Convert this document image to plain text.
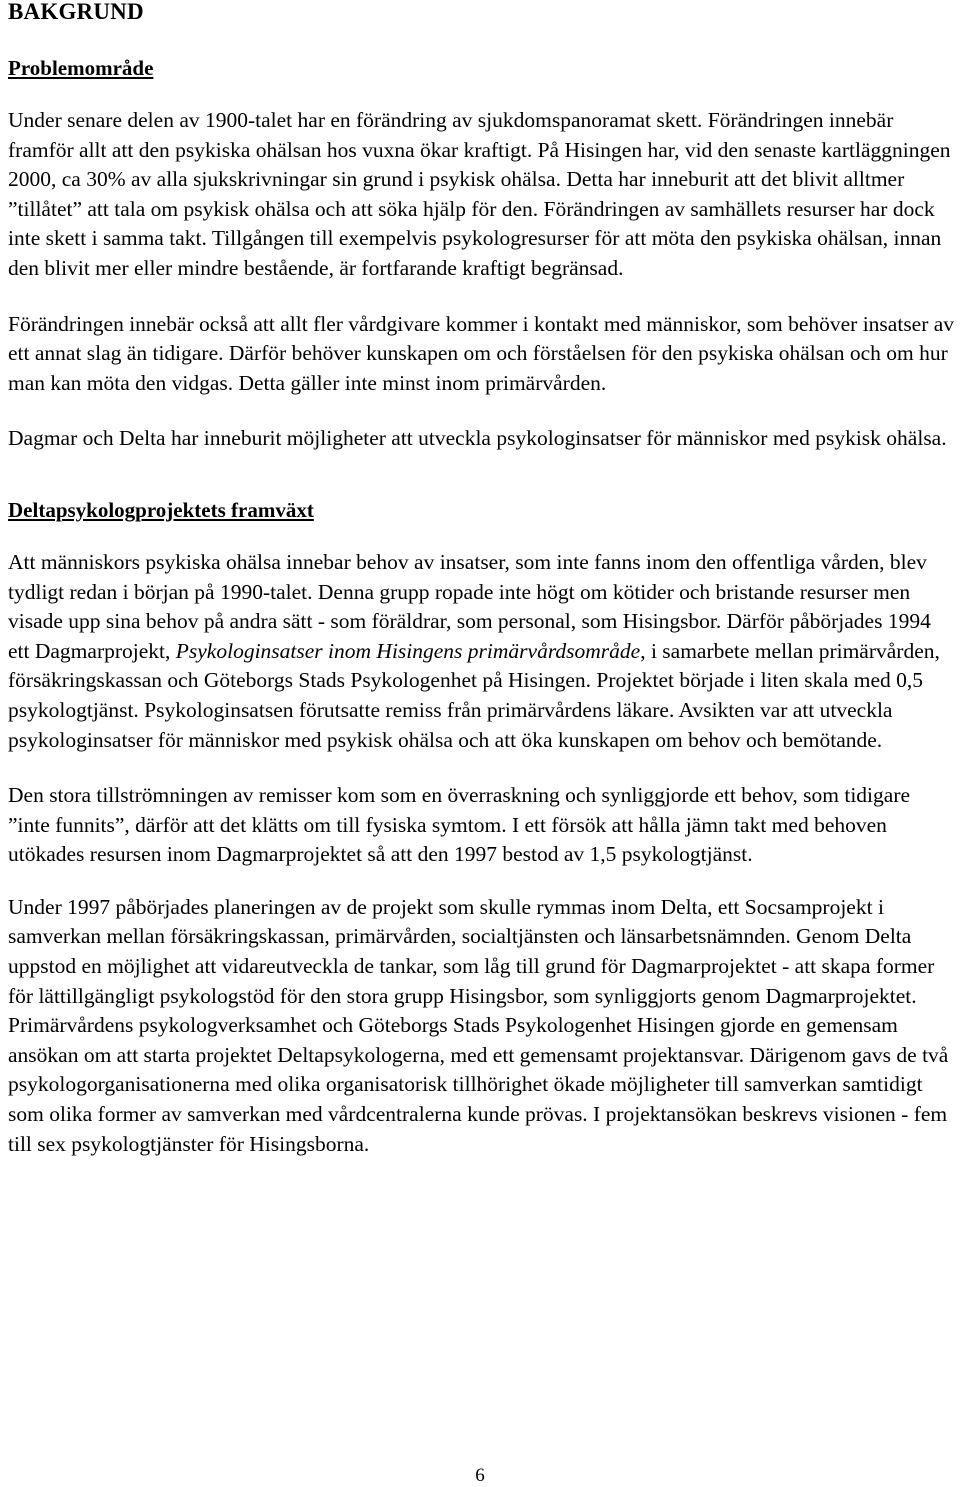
BAKGRUND
Problemområde

Under senare delen av 1900-talet har en förändring av sjukdomspanoramat skett. Förändringen innebär framför allt att den psykiska ohälsan hos vuxna ökar kraftigt. På Hisingen har, vid den senaste kartläggningen 2000, ca 30% av alla sjukskrivningar sin grund i psykisk ohälsa. Detta har inneburit att det blivit alltmer ”tillåtet” att tala om psykisk ohälsa och att söka hjälp för den. Förändringen av samhällets resurser har dock inte skett i samma takt. Tillgången till exempelvis psykologresurser för att möta den psykiska ohälsan, innan den blivit mer eller mindre bestående, är fortfarande kraftigt begränsad.

Förändringen innebär också att allt fler vårdgivare kommer i kontakt med människor, som behöver insatser av ett annat slag än tidigare. Därför behöver kunskapen om och förståelsen för den psykiska ohälsan och om hur man kan möta den vidgas. Detta gäller inte minst inom primärvården.

Dagmar och Delta har inneburit möjligheter att utveckla psykologinsatser för människor med psykisk ohälsa.

Deltapsykologprojektets framväxt

Att människors psykiska ohälsa innebar behov av insatser, som inte fanns inom den offentliga vården, blev tydligt redan i början på 1990-talet. Denna grupp ropade inte högt om kötider och bristande resurser men visade upp sina behov på andra sätt - som föräldrar, som personal, som Hisingsbor. Därför påbörjades 1994 ett Dagmarprojekt, Psykologinsatser inom Hisingens primärvårdsområde, i samarbete mellan primärvården, försäkringskassan och Göteborgs Stads Psykologenhet på Hisingen. Projektet började i liten skala med 0,5 psykologtjänst. Psykologinsatsen förutsatte remiss från primärvårdens läkare. Avsikten var att utveckla psykologinsatser för människor med psykisk ohälsa och att öka kunskapen om behov och bemötande.

Den stora tillströmningen av remisser kom som en överraskning och synliggjorde ett behov, som tidigare ”inte funnits”, därför att det klätts om till fysiska symtom. I ett försök att hålla jämn takt med behoven utökades resursen inom Dagmarprojektet så att den 1997 bestod av 1,5 psykologtjänst.

Under 1997 påbörjades planeringen av de projekt som skulle rymmas inom Delta, ett Socsamprojekt i samverkan mellan försäkringskassan, primärvården, socialtjänsten och länsarbetsnämnden. Genom Delta uppstod en möjlighet att vidareutveckla de tankar, som låg till grund för Dagmarprojektet - att skapa former för lättillgängligt psykologstöd för den stora grupp Hisingsbor, som synliggjorts genom Dagmarprojektet. Primärvårdens psykologverksamhet och Göteborgs Stads Psykologenhet Hisingen gjorde en gemensam ansökan om att starta projektet Deltapsykologerna, med ett gemensamt projektansvar. Därigenom gavs de två psykologorganisationerna med olika organisatorisk tillhörighet ökade möjligheter till samverkan samtidigt som olika former av samverkan med vårdcentralerna kunde prövas. I projektansökan beskrevs visionen - fem till sex psykologtjänster för Hisingsborna.

6
